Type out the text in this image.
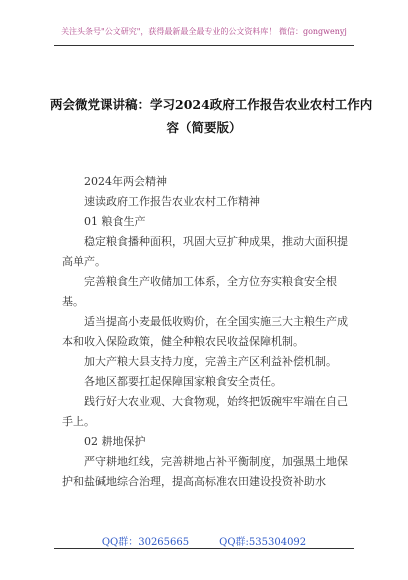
关注头条号"公文研究"，获得最新最全最专业的公文资料库！ 微信：gongwenyj
两会微党课讲稿：学习2024政府工作报告农业农村工作内
容（简要版）

2024年两会精神

速读政府工作报告农业农村工作精神

01 粮食生产

稳定粮食播种面积，巩固大豆扩种成果，推动大面积提高单产。

完善粮食生产收储加工体系，全方位夯实粮食安全根基。

适当提高小麦最低收购价，在全国实施三大主粮生产成本和收入保险政策，健全种粮农民收益保障机制。

加大产粮大县支持力度，完善主产区利益补偿机制。

各地区都要扛起保障国家粮食安全责任。

践行好大农业观、大食物观，始终把饭碗牢牢端在自己手上。

02 耕地保护

严守耕地红线，完善耕地占补平衡制度，加强黑土地保护和盐碱地综合治理，提高高标准农田建设投资补助水

QQ群：30265665	QQ群:535304092
